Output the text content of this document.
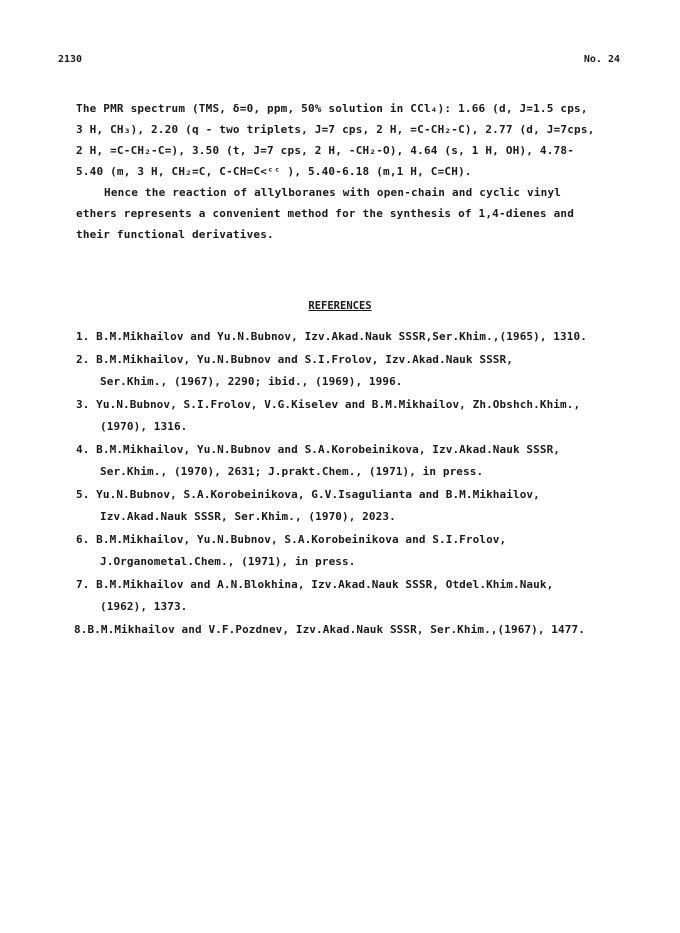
2130	No. 24

The PMR spectrum (TMS, δ=0, ppm, 50% solution in CCl₄): 1.66 (d, J=1.5 cps,
3 H, CH₃), 2.20 (q - two triplets, J=7 cps, 2 H, =C-CH₂-C), 2.77 (d, J=7cps,
2 H, =C-CH₂-C=), 3.50 (t, J=7 cps, 2 H, -CH₂-O), 4.64 (s, 1 H, OH), 4.78-
5.40 (m, 3 H, CH₂=C, C-CH=C<ᶜᶜ ), 5.40-6.18 (m,1 H, C=CH).

Hence the reaction of allylboranes with open-chain and cyclic vinyl
ethers represents a convenient method for the synthesis of 1,4-dienes and
their functional derivatives.

REFERENCES
1. B.M.Mikhailov and Yu.N.Bubnov, Izv.Akad.Nauk SSSR,Ser.Khim.,(1965), 1310.
2. B.M.Mikhailov, Yu.N.Bubnov and S.I.Frolov, Izv.Akad.Nauk SSSR,
Ser.Khim., (1967), 2290; ibid., (1969), 1996.
3. Yu.N.Bubnov, S.I.Frolov, V.G.Kiselev and B.M.Mikhailov, Zh.Obshch.Khim.,
(1970), 1316.
4. B.M.Mikhailov, Yu.N.Bubnov and S.A.Korobeinikova, Izv.Akad.Nauk SSSR,
Ser.Khim., (1970), 2631; J.prakt.Chem., (1971), in press.
5. Yu.N.Bubnov, S.A.Korobeinikova, G.V.Isagulianta and B.M.Mikhailov,
Izv.Akad.Nauk SSSR, Ser.Khim., (1970), 2023.
6. B.M.Mikhailov, Yu.N.Bubnov, S.A.Korobeinikova and S.I.Frolov,
J.Organometal.Chem., (1971), in press.
7. B.M.Mikhailov and A.N.Blokhina, Izv.Akad.Nauk SSSR, Otdel.Khim.Nauk,
(1962), 1373.
8.B.M.Mikhailov and V.F.Pozdnev, Izv.Akad.Nauk SSSR, Ser.Khim.,(1967), 1477.
